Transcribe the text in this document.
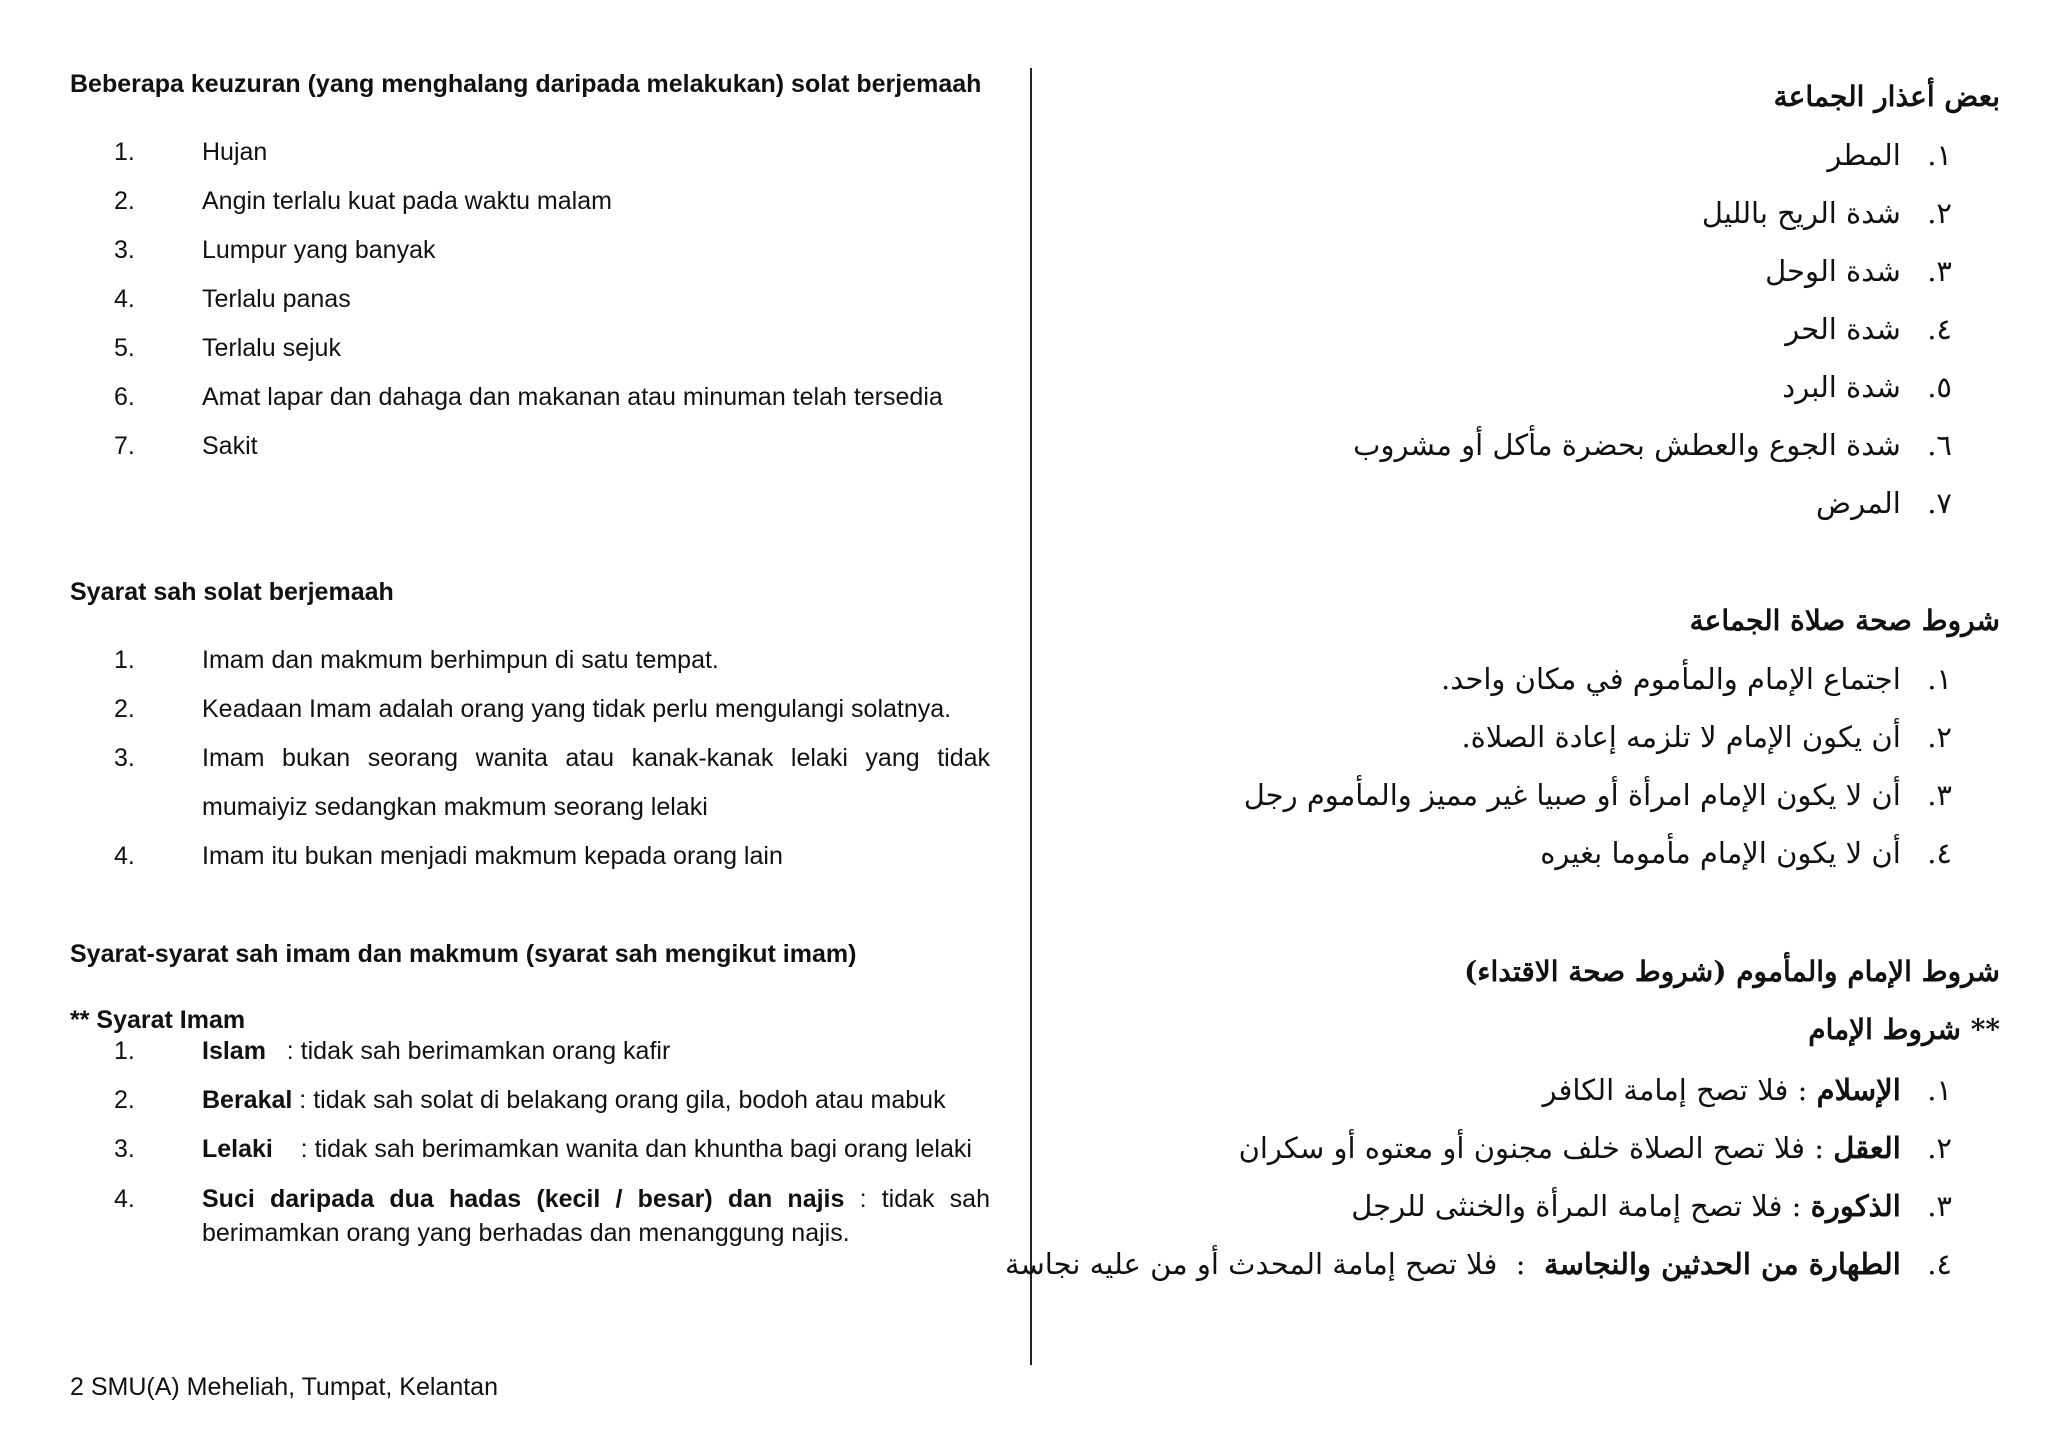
Beberapa keuzuran (yang menghalang daripada melakukan) solat berjemaah
1.	Hujan
2.	Angin terlalu kuat pada waktu malam
3.	Lumpur yang banyak
4.	Terlalu panas
5.	Terlalu sejuk
6.	Amat lapar dan dahaga dan makanan atau minuman telah tersedia
7.	Sakit
Syarat sah solat berjemaah
1.	Imam dan makmum berhimpun di satu tempat.
2.	Keadaan Imam adalah orang yang tidak perlu mengulangi solatnya.
3.	Imam bukan seorang wanita atau kanak-kanak lelaki yang tidak mumaiyiz sedangkan makmum seorang lelaki
4.	Imam itu bukan menjadi makmum kepada orang lain
Syarat-syarat sah imam dan makmum (syarat sah mengikut imam)
** Syarat Imam
1.	Islam   : tidak sah berimamkan orang kafir
2.	Berakal : tidak sah solat di belakang orang gila, bodoh atau mabuk
3.	Lelaki    : tidak sah berimamkan wanita dan khuntha bagi orang lelaki
4.	Suci daripada dua hadas (kecil / besar) dan najis : tidak sah berimamkan orang yang berhadas dan menanggung najis.
2 SMU(A) Meheliah, Tumpat, Kelantan
بعض أعذار الجماعة
١. المطر
٢. شدة الريح بالليل
٣. شدة الوحل
٤. شدة الحر
٥. شدة البرد
٦. شدة الجوع والعطش بحضرة مأكل أو مشروب
٧. المرض
شروط صحة صلاة الجماعة
١. اجتماع الإمام والمأموم في مكان واحد.
٢. أن يكون الإمام لا تلزمه إعادة الصلاة.
٣. أن لا يكون الإمام امرأة أو صبيا غير مميز والمأموم رجل
٤. أن لا يكون الإمام مأموما بغيره
شروط الإمام والمأموم (شروط صحة الاقتداء)
** شروط الإمام
١. الإسلام : فلا تصح إمامة الكافر
٢. العقل : فلا تصح الصلاة خلف مجنون أو معتوه أو سكران
٣. الذكورة : فلا تصح إمامة المرأة والخنثى للرجل
٤. الطهارة من الحدثين والنجاسة  :  فلا تصح إمامة المحدث أو من عليه نجاسة
